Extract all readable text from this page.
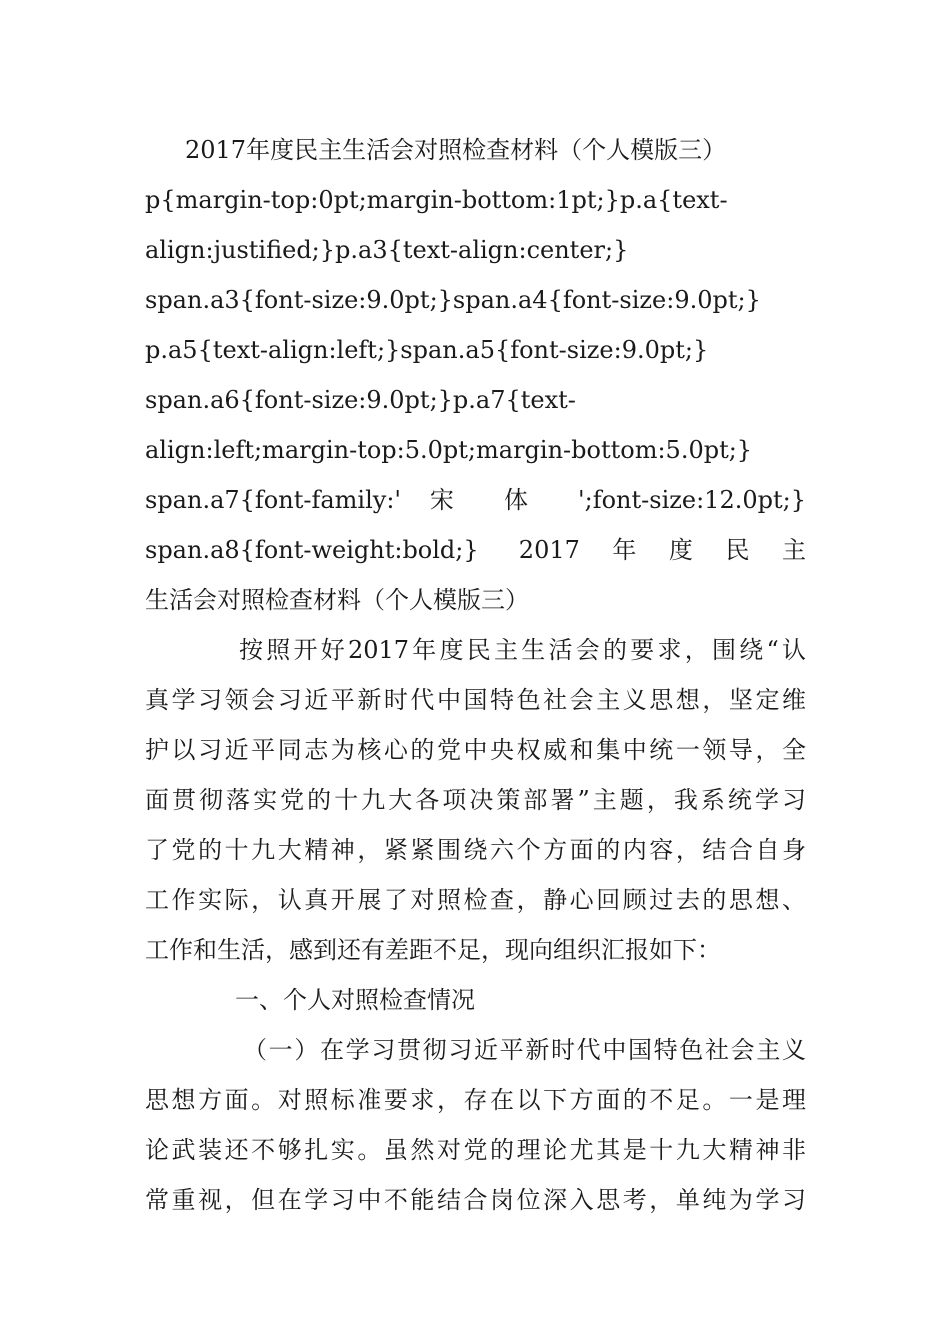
2017年度民主生活会对照检查材料（个人模版三）
p{margin-top:0pt;margin-bottom:1pt;}p.a{text-
align:justified;}p.a3{text-align:center;}
span.a3{font-size:9.0pt;}span.a4{font-size:9.0pt;}
p.a5{text-align:left;}span.a5{font-size:9.0pt;}
span.a6{font-size:9.0pt;}p.a7{text-
align:left;margin-top:5.0pt;margin-bottom:5.0pt;}
span.a7{font-family:' 宋 体 ';font-size:12.0pt;}
span.a8{font-weight:bold;} 2017年度民主
生活会对照检查材料（个人模版三）
按照开好2017年度民主生活会的要求，围绕“认
真学习领会习近平新时代中国特色社会主义思想，坚定维
护以习近平同志为核心的党中央权威和集中统一领导，全
面贯彻落实党的十九大各项决策部署”主题，我系统学习
了党的十九大精神，紧紧围绕六个方面的内容，结合自身
工作实际，认真开展了对照检查，静心回顾过去的思想、
工作和生活，感到还有差距不足，现向组织汇报如下：
一、个人对照检查情况
（一）在学习贯彻习近平新时代中国特色社会主义
思想方面。对照标准要求，存在以下方面的不足。一是理
论武装还不够扎实。虽然对党的理论尤其是十九大精神非
常重视，但在学习中不能结合岗位深入思考，单纯为学习
